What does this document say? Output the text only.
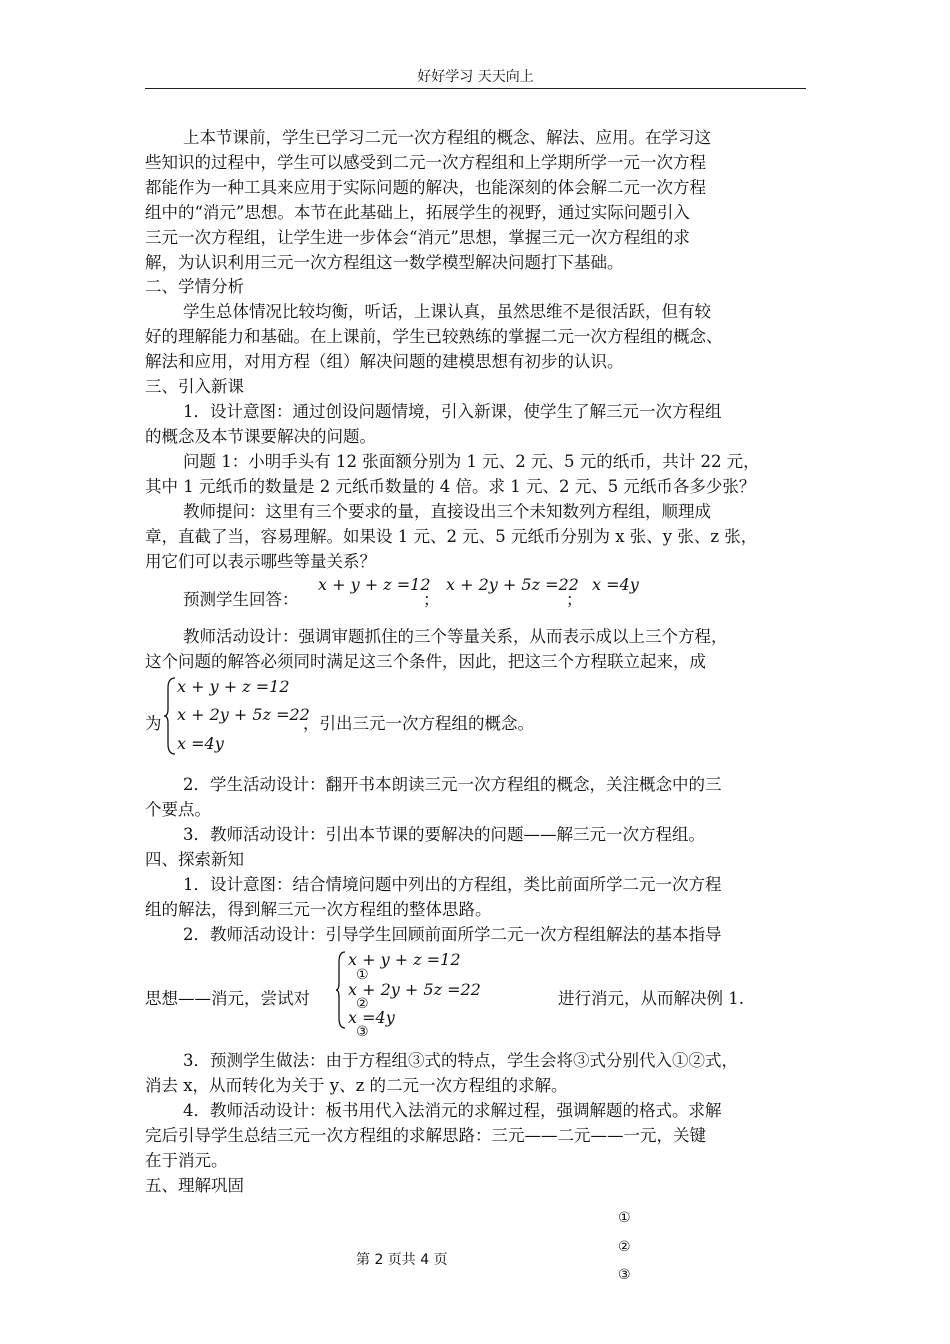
好好学习 天天向上
上本节课前，学生已学习二元一次方程组的概念、解法、应用。在学习这
些知识的过程中，学生可以感受到二元一次方程组和上学期所学一元一次方程
都能作为一种工具来应用于实际问题的解决，也能深刻的体会解二元一次方程
组中的“消元”思想。本节在此基础上，拓展学生的视野，通过实际问题引入
三元一次方程组，让学生进一步体会“消元”思想，掌握三元一次方程组的求
解，为认识利用三元一次方程组这一数学模型解决问题打下基础。
二、学情分析
学生总体情况比较均衡，听话，上课认真，虽然思维不是很活跃，但有较
好的理解能力和基础。在上课前，学生已较熟练的掌握二元一次方程组的概念、
解法和应用，对用方程（组）解决问题的建模思想有初步的认识。
三、引入新课
1．设计意图：通过创设问题情境，引入新课，使学生了解三元一次方程组
的概念及本节课要解决的问题。
问题 1：小明手头有 12 张面额分别为 1 元、2 元、5 元的纸币，共计 22 元，
其中 1 元纸币的数量是 2 元纸币数量的 4 倍。求 1 元、2 元、5 元纸币各多少张？
教师提问：这里有三个要求的量，直接设出三个未知数列方程组，顺理成
章，直截了当，容易理解。如果设 1 元、2 元、5 元纸币分别为 x 张、y 张、z 张，
用它们可以表示哪些等量关系？
预测学生回答：
x + y + z =12
；
x + 2y + 5z =22
；
x =4y
教师活动设计：强调审题抓住的三个等量关系，从而表示成以上三个方程，
这个问题的解答必须同时满足这三个条件，因此，把这三个方程联立起来，成
为
x + y + z =12
x + 2y + 5z =22
x =4y
，引出三元一次方程组的概念。
2．学生活动设计：翻开书本朗读三元一次方程组的概念，关注概念中的三
个要点。
3．教师活动设计：引出本节课的要解决的问题——解三元一次方程组。
四、探索新知
1．设计意图：结合情境问题中列出的方程组，类比前面所学二元一次方程
组的解法，得到解三元一次方程组的整体思路。
2．教师活动设计：引导学生回顾前面所学二元一次方程组解法的基本指导
思想——消元，尝试对
x + y + z =12
①
x + 2y + 5z =22
②
x =4y
③
进行消元，从而解决例 1.
3．预测学生做法：由于方程组③式的特点，学生会将③式分别代入①②式，
消去 x，从而转化为关于 y、z 的二元一次方程组的求解。
4．教师活动设计：板书用代入法消元的求解过程，强调解题的格式。求解
完后引导学生总结三元一次方程组的求解思路：三元——二元——一元，关键
在于消元。
五、理解巩固
①
②
③
第 2 页共 4 页
